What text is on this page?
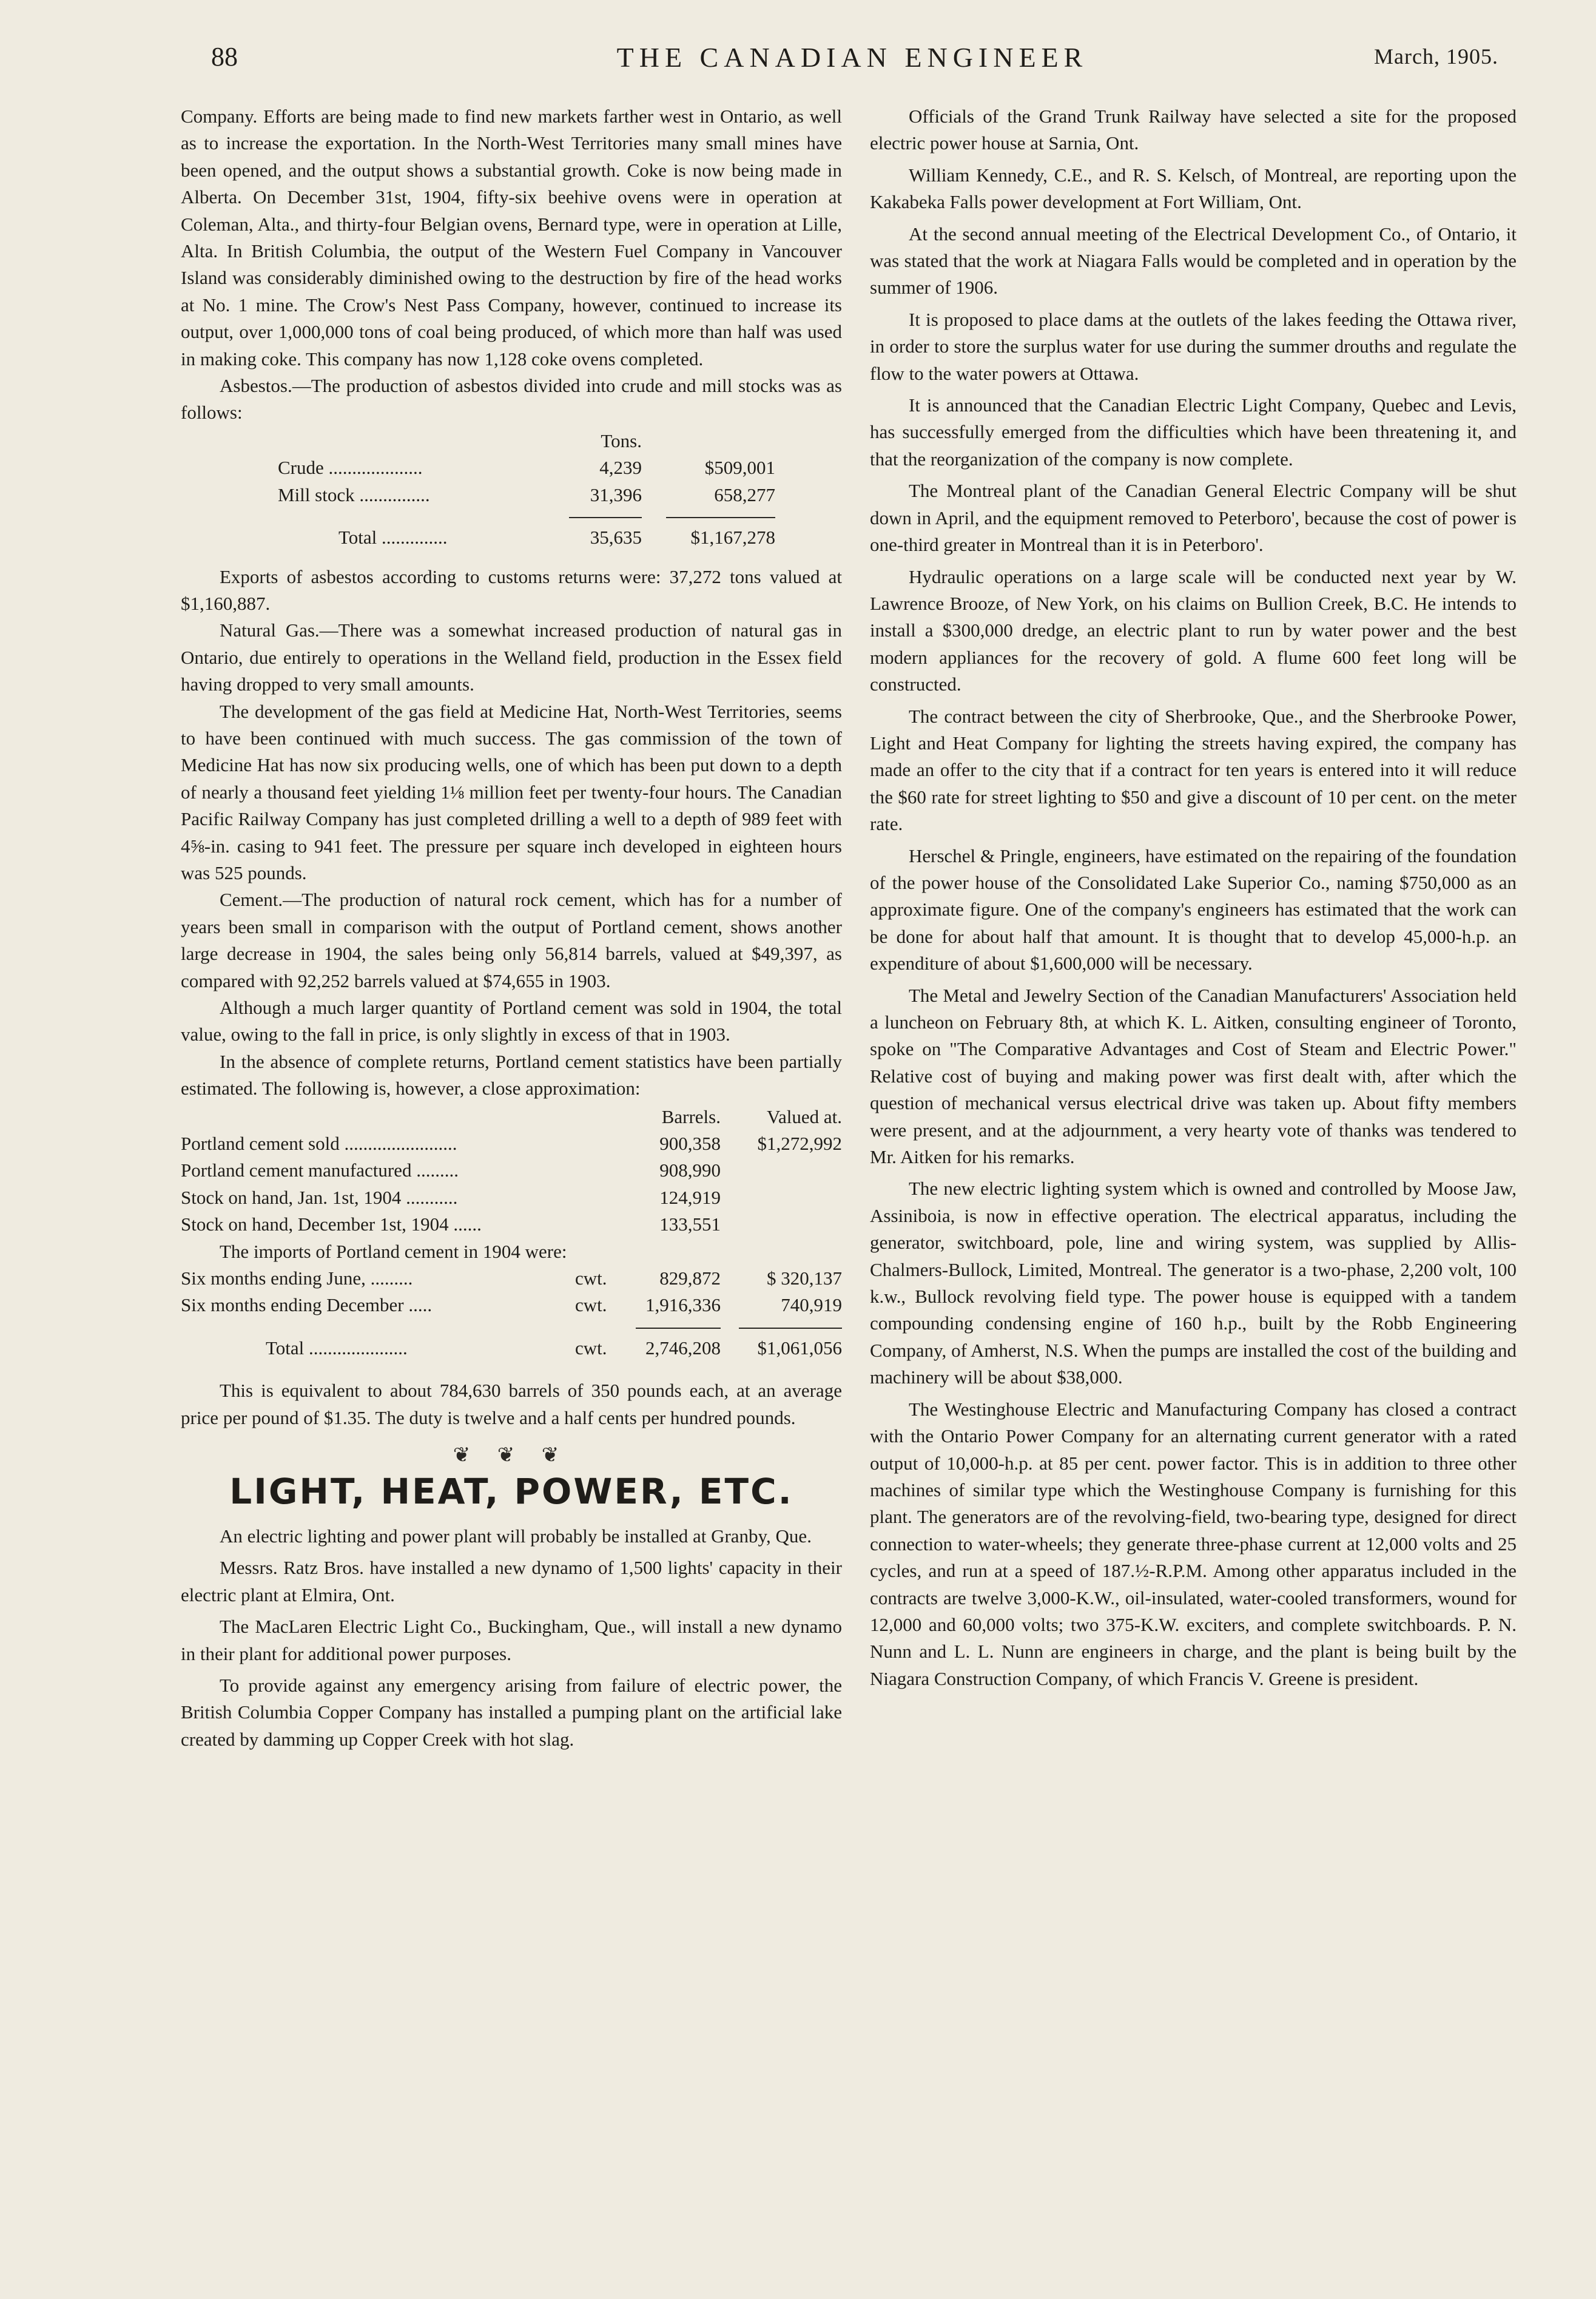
88	THE CANADIAN ENGINEER	March, 1905.

Company. Efforts are being made to find new markets farther west in Ontario, as well as to increase the exportation. In the North-West Territories many small mines have been opened, and the output shows a substantial growth. Coke is now being made in Alberta. On December 31st, 1904, fifty-six beehive ovens were in operation at Coleman, Alta., and thirty-four Belgian ovens, Bernard type, were in operation at Lille, Alta. In British Columbia, the output of the Western Fuel Company in Vancouver Island was considerably diminished owing to the destruction by fire of the head works at No. 1 mine. The Crow's Nest Pass Company, however, continued to increase its output, over 1,000,000 tons of coal being produced, of which more than half was used in making coke. This company has now 1,128 coke ovens completed.

Asbestos.—The production of asbestos divided into crude and mill stocks was as follows:

	Tons.	
Crude ....................	4,239	$509,001
Mill stock ...............	31,396	658,277

Total ..............	35,635	$1,167,278

Exports of asbestos according to customs returns were: 37,272 tons valued at $1,160,887.

Natural Gas.—There was a somewhat increased production of natural gas in Ontario, due entirely to operations in the Welland field, production in the Essex field having dropped to very small amounts.

The development of the gas field at Medicine Hat, North-West Territories, seems to have been continued with much success. The gas commission of the town of Medicine Hat has now six producing wells, one of which has been put down to a depth of nearly a thousand feet yielding 1⅛ million feet per twenty-four hours. The Canadian Pacific Railway Company has just completed drilling a well to a depth of 989 feet with 4⅝-in. casing to 941 feet. The pressure per square inch developed in eighteen hours was 525 pounds.

Cement.—The production of natural rock cement, which has for a number of years been small in comparison with the output of Portland cement, shows another large decrease in 1904, the sales being only 56,814 barrels, valued at $49,397, as compared with 92,252 barrels valued at $74,655 in 1903.

Although a much larger quantity of Portland cement was sold in 1904, the total value, owing to the fall in price, is only slightly in excess of that in 1903.

In the absence of complete returns, Portland cement statistics have been partially estimated. The following is, however, a close approximation:

	Barrels.	Valued at.
Portland cement sold ........................	900,358	$1,272,992
Portland cement manufactured .........	908,990	
Stock on hand, Jan. 1st, 1904 ...........	124,919	
Stock on hand, December 1st, 1904 ......	133,551	

The imports of Portland cement in 1904 were:

Six months ending June, .........	cwt.	829,872	$ 320,137
Six months ending December .....	cwt.	1,916,336	740,919

Total .....................	cwt.	2,746,208	$1,061,056

This is equivalent to about 784,630 barrels of 350 pounds each, at an average price per pound of $1.35. The duty is twelve and a half cents per hundred pounds.

❦ ❦ ❦
LIGHT, HEAT, POWER, ETC.

An electric lighting and power plant will probably be installed at Granby, Que.

Messrs. Ratz Bros. have installed a new dynamo of 1,500 lights' capacity in their electric plant at Elmira, Ont.

The MacLaren Electric Light Co., Buckingham, Que., will install a new dynamo in their plant for additional power purposes.

To provide against any emergency arising from failure of electric power, the British Columbia Copper Company has installed a pumping plant on the artificial lake created by damming up Copper Creek with hot slag.

Officials of the Grand Trunk Railway have selected a site for the proposed electric power house at Sarnia, Ont.

William Kennedy, C.E., and R. S. Kelsch, of Montreal, are reporting upon the Kakabeka Falls power development at Fort William, Ont.

At the second annual meeting of the Electrical Development Co., of Ontario, it was stated that the work at Niagara Falls would be completed and in operation by the summer of 1906.

It is proposed to place dams at the outlets of the lakes feeding the Ottawa river, in order to store the surplus water for use during the summer drouths and regulate the flow to the water powers at Ottawa.

It is announced that the Canadian Electric Light Company, Quebec and Levis, has successfully emerged from the difficulties which have been threatening it, and that the reorganization of the company is now complete.

The Montreal plant of the Canadian General Electric Company will be shut down in April, and the equipment removed to Peterboro', because the cost of power is one-third greater in Montreal than it is in Peterboro'.

Hydraulic operations on a large scale will be conducted next year by W. Lawrence Brooze, of New York, on his claims on Bullion Creek, B.C. He intends to install a $300,000 dredge, an electric plant to run by water power and the best modern appliances for the recovery of gold. A flume 600 feet long will be constructed.

The contract between the city of Sherbrooke, Que., and the Sherbrooke Power, Light and Heat Company for lighting the streets having expired, the company has made an offer to the city that if a contract for ten years is entered into it will reduce the $60 rate for street lighting to $50 and give a discount of 10 per cent. on the meter rate.

Herschel & Pringle, engineers, have estimated on the repairing of the foundation of the power house of the Consolidated Lake Superior Co., naming $750,000 as an approximate figure. One of the company's engineers has estimated that the work can be done for about half that amount. It is thought that to develop 45,000-h.p. an expenditure of about $1,600,000 will be necessary.

The Metal and Jewelry Section of the Canadian Manufacturers' Association held a luncheon on February 8th, at which K. L. Aitken, consulting engineer of Toronto, spoke on "The Comparative Advantages and Cost of Steam and Electric Power." Relative cost of buying and making power was first dealt with, after which the question of mechanical versus electrical drive was taken up. About fifty members were present, and at the adjournment, a very hearty vote of thanks was tendered to Mr. Aitken for his remarks.

The new electric lighting system which is owned and controlled by Moose Jaw, Assiniboia, is now in effective operation. The electrical apparatus, including the generator, switchboard, pole, line and wiring system, was supplied by Allis-Chalmers-Bullock, Limited, Montreal. The generator is a two-phase, 2,200 volt, 100 k.w., Bullock revolving field type. The power house is equipped with a tandem compounding condensing engine of 160 h.p., built by the Robb Engineering Company, of Amherst, N.S. When the pumps are installed the cost of the building and machinery will be about $38,000.

The Westinghouse Electric and Manufacturing Company has closed a contract with the Ontario Power Company for an alternating current generator with a rated output of 10,000-h.p. at 85 per cent. power factor. This is in addition to three other machines of similar type which the Westinghouse Company is furnishing for this plant. The generators are of the revolving-field, two-bearing type, designed for direct connection to water-wheels; they generate three-phase current at 12,000 volts and 25 cycles, and run at a speed of 187.½-R.P.M. Among other apparatus included in the contracts are twelve 3,000-K.W., oil-insulated, water-cooled transformers, wound for 12,000 and 60,000 volts; two 375-K.W. exciters, and complete switchboards. P. N. Nunn and L. L. Nunn are engineers in charge, and the plant is being built by the Niagara Construction Company, of which Francis V. Greene is president.
